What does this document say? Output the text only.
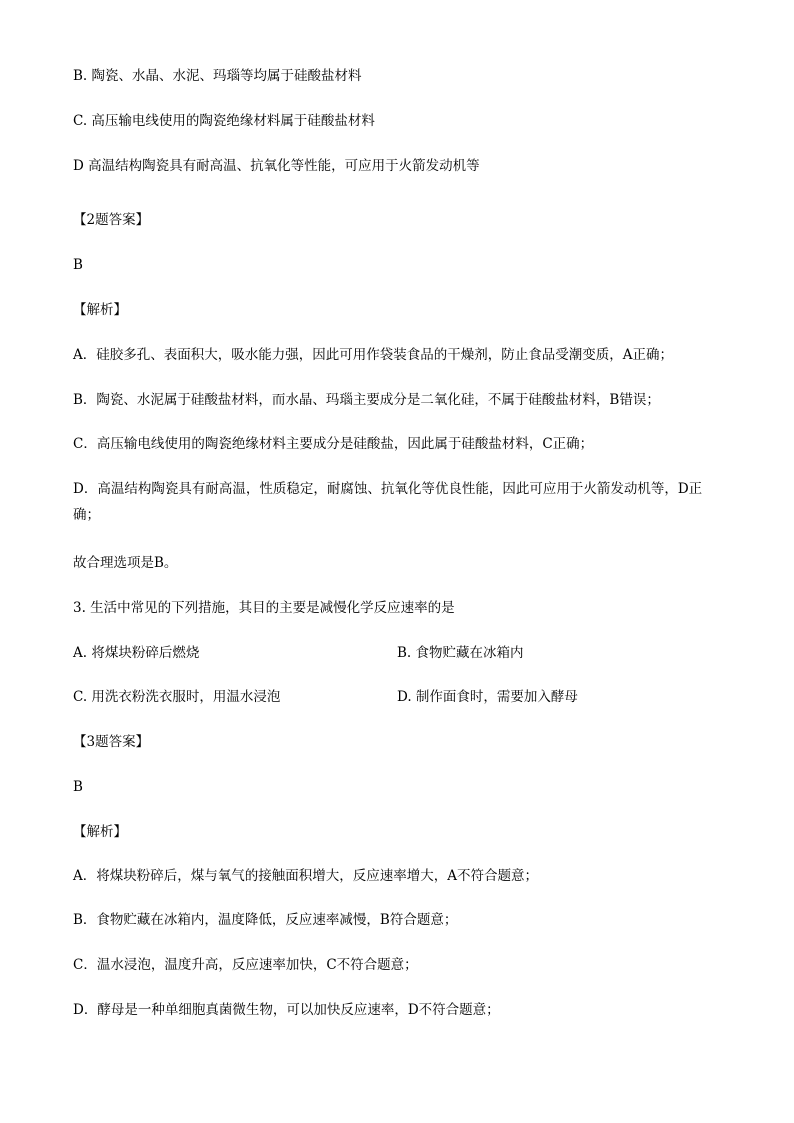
B. 陶瓷、水晶、水泥、玛瑙等均属于硅酸盐材料
C. 高压输电线使用的陶瓷绝缘材料属于硅酸盐材料
D 高温结构陶瓷具有耐高温、抗氧化等性能，可应用于火箭发动机等
【2题答案】
B
【解析】
A．硅胶多孔、表面积大，吸水能力强，因此可用作袋装食品的干燥剂，防止食品受潮变质，A正确；
B．陶瓷、水泥属于硅酸盐材料，而水晶、玛瑙主要成分是二氧化硅，不属于硅酸盐材料，B错误；
C．高压输电线使用的陶瓷绝缘材料主要成分是硅酸盐，因此属于硅酸盐材料，C正确；
D．高温结构陶瓷具有耐高温，性质稳定，耐腐蚀、抗氧化等优良性能，因此可应用于火箭发动机等，D正确；
故合理选项是B。
3. 生活中常见的下列措施，其目的主要是减慢化学反应速率的是
A. 将煤块粉碎后燃烧	B. 食物贮藏在冰箱内
C. 用洗衣粉洗衣服时，用温水浸泡	D. 制作面食时，需要加入酵母
【3题答案】
B
【解析】
A．将煤块粉碎后，煤与氧气的接触面积增大，反应速率增大，A不符合题意；
B．食物贮藏在冰箱内，温度降低，反应速率减慢，B符合题意；
C．温水浸泡，温度升高，反应速率加快，C不符合题意；
D．酵母是一种单细胞真菌微生物，可以加快反应速率，D不符合题意；
